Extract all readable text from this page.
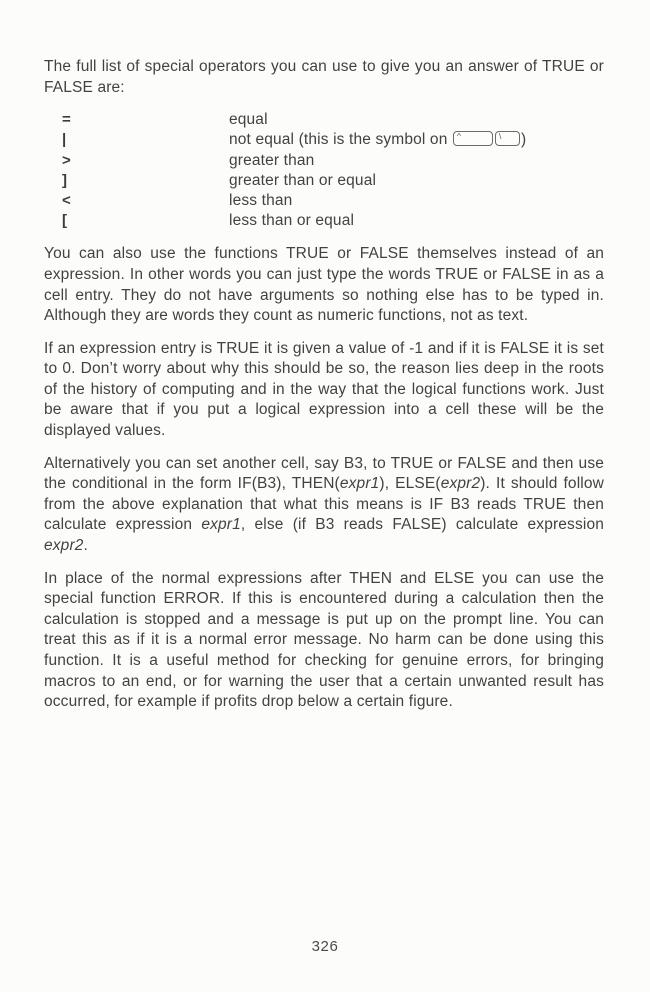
The full list of special operators you can use to give you an answer of TRUE or FALSE are:
=	equal
|	not equal (this is the symbol on ^	\ )
>	greater than
]	greater than or equal
<	less than
[	less than or equal
You can also use the functions TRUE or FALSE themselves instead of an expression. In other words you can just type the words TRUE or FALSE in as a cell entry. They do not have arguments so nothing else has to be typed in. Although they are words they count as numeric functions, not as text.
If an expression entry is TRUE it is given a value of -1 and if it is FALSE it is set to 0. Don’t worry about why this should be so, the reason lies deep in the roots of the history of computing and in the way that the logical functions work. Just be aware that if you put a logical expression into a cell these will be the displayed values.
Alternatively you can set another cell, say B3, to TRUE or FALSE and then use the conditional in the form IF(B3), THEN(expr1), ELSE(expr2). It should follow from the above explanation that what this means is IF B3 reads TRUE then calculate expression expr1, else (if B3 reads FALSE) calculate expression expr2.
In place of the normal expressions after THEN and ELSE you can use the special function ERROR. If this is encountered during a calculation then the calculation is stopped and a message is put up on the prompt line. You can treat this as if it is a normal error message. No harm can be done using this function. It is a useful method for checking for genuine errors, for bringing macros to an end, or for warning the user that a certain unwanted result has occurred, for example if profits drop below a certain figure.
326
